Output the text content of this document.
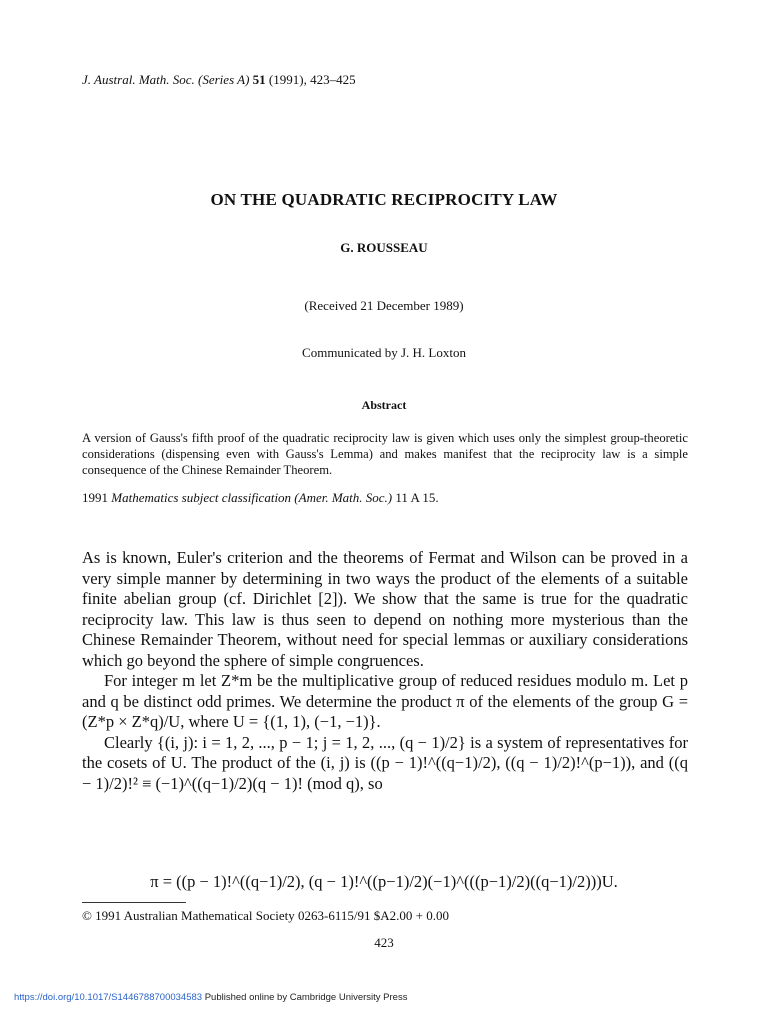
J. Austral. Math. Soc. (Series A) 51 (1991), 423–425
ON THE QUADRATIC RECIPROCITY LAW
G. ROUSSEAU
(Received 21 December 1989)
Communicated by J. H. Loxton
Abstract
A version of Gauss's fifth proof of the quadratic reciprocity law is given which uses only the simplest group-theoretic considerations (dispensing even with Gauss's Lemma) and makes manifest that the reciprocity law is a simple consequence of the Chinese Remainder Theorem.
1991 Mathematics subject classification (Amer. Math. Soc.) 11 A 15.

As is known, Euler's criterion and the theorems of Fermat and Wilson can be proved in a very simple manner by determining in two ways the product of the elements of a suitable finite abelian group (cf. Dirichlet [2]). We show that the same is true for the quadratic reciprocity law. This law is thus seen to depend on nothing more mysterious than the Chinese Remainder Theorem, without need for special lemmas or auxiliary considerations which go beyond the sphere of simple congruences.

For integer m let Z*m be the multiplicative group of reduced residues modulo m. Let p and q be distinct odd primes. We determine the product π of the elements of the group G = (Z*p × Z*q)/U, where U = {(1, 1), (−1, −1)}.

Clearly {(i, j): i = 1, 2, ..., p − 1; j = 1, 2, ..., (q − 1)/2} is a system of representatives for the cosets of U. The product of the (i, j) is ((p − 1)!^((q−1)/2), ((q − 1)/2)!^(p−1)), and ((q − 1)/2)!² ≡ (−1)^((q−1)/2)(q − 1)! (mod q), so

π = ((p − 1)!^((q−1)/2), (q − 1)!^((p−1)/2)(−1)^(((p−1)/2)((q−1)/2)))U.
© 1991 Australian Mathematical Society 0263-6115/91 $A2.00 + 0.00
423
https://doi.org/10.1017/S1446788700034583 Published online by Cambridge University Press
